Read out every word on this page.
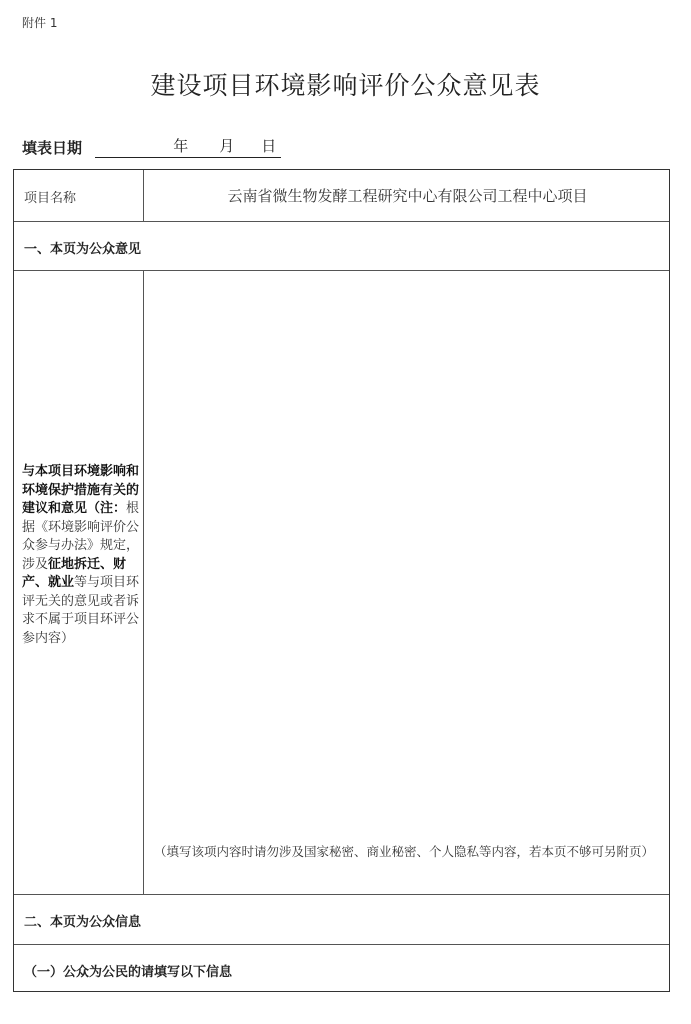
附件 1
建设项目环境影响评价公众意见表
填表日期	年 月 日
项目名称	云南省微生物发酵工程研究中心有限公司工程中心项目
一、本页为公众意见
与本项目环境影响和环境保护措施有关的建议和意见（注：根据《环境影响评价公众参与办法》规定，涉及征地拆迁、财产、就业等与项目环评无关的意见或者诉求不属于项目环评公参内容）
（填写该项内容时请勿涉及国家秘密、商业秘密、个人隐私等内容，若本页不够可另附页）
二、本页为公众信息
（一）公众为公民的请填写以下信息
